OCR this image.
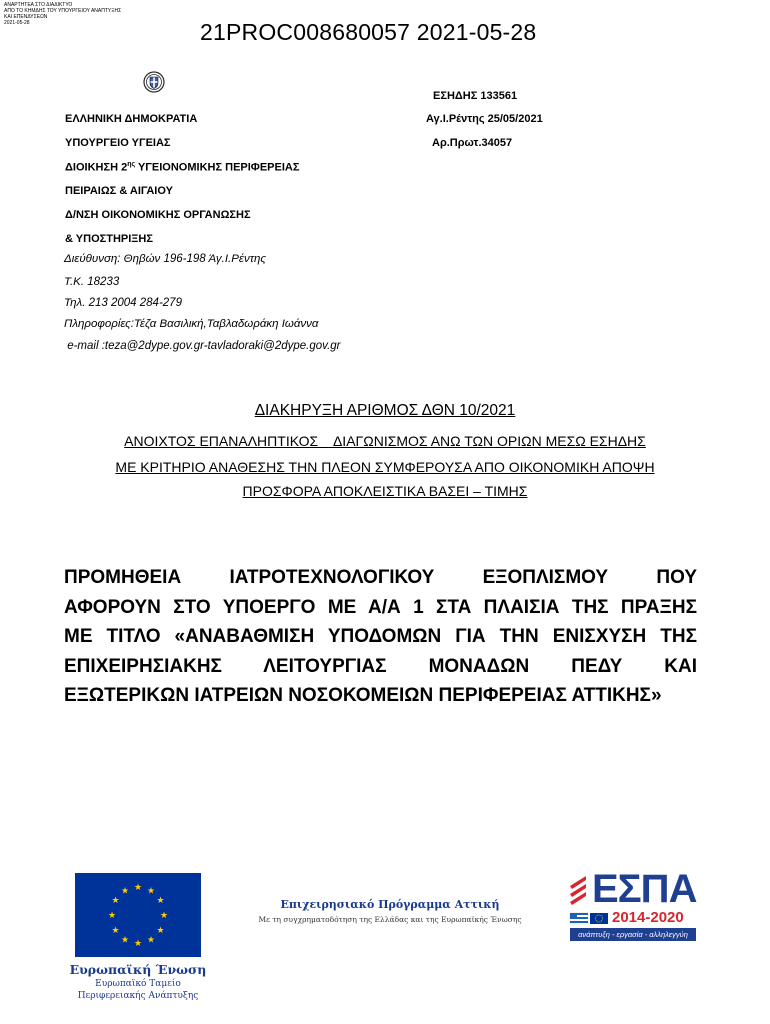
ΑΝΑΡΤΗΤΕΑ ΣΤΟ ΔΙΑΔΙΚΤΥΟ
ΑΠΟ ΤΟ ΚΗΜΔΗΣ ΤΟΥ ΥΠΟΥΡΓΕΙΟΥ ΑΝΑΠΤΥΞΗΣ
ΚΑΙ ΕΠΕΝΔΥΣΕΩΝ
2021-05-28	21PROC008680057 2021-05-28
ΕΛΛΗΝΙΚΗ ΔΗΜΟΚΡΑΤΙΑ
ΥΠΟΥΡΓΕΙΟ ΥΓΕΙΑΣ
ΔΙΟΙΚΗΣΗ $2^{\eta\varsigma}$ ΥΓΕΙΟΝΟΜΙΚΗΣ ΠΕΡΙΦΕΡΕΙΑΣ
ΠΕΙΡΑΙΩΣ & ΑΙΓΑΙΟΥ
Δ/ΝΣΗ ΟΙΚΟΝΟΜΙΚΗΣ ΟΡΓΑΝΩΣΗΣ
& ΥΠΟΣΤΗΡΙΞΗΣ
ΕΣΗΔΗΣ 133561
Αγ.Ι.Ρέντης 25/05/2021
Αρ.Πρωτ.34057
Διεύθυνση: Θηβών 196-198 Άγ.Ι.Ρέντης
Τ.Κ. 18233
Τηλ. 213 2004 284-279
Πληροφορίες:Τέζα Βασιλική,Ταβλαδωράκη Ιωάννα
e-mail :teza@2dype.gov.gr-tavladoraki@2dype.gov.gr
ΔΙΑΚΗΡΥΞΗ ΑΡΙΘΜΟΣ ΔΘΝ 10/2021
ΑΝΟΙΧΤΟΣ ΕΠΑΝΑΛΗΠΤΙΚΟΣ    ΔΙΑΓΩΝΙΣΜΟΣ ΑΝΩ ΤΩΝ ΟΡΙΩΝ ΜΕΣΩ ΕΣΗΔΗΣ
ΜΕ ΚΡΙΤΗΡΙΟ ΑΝΑΘΕΣΗΣ ΤΗΝ ΠΛΕΟΝ ΣΥΜΦΕΡΟΥΣΑ ΑΠΟ ΟΙΚΟΝΟΜΙΚΗ ΑΠΟΨΗ
ΠΡΟΣΦΟΡΑ ΑΠΟΚΛΕΙΣΤΙΚΑ ΒΑΣΕΙ – ΤΙΜΗΣ
ΠΡΟΜΗΘΕΙΑ ΙΑΤΡΟΤΕΧΝΟΛΟΓΙΚΟΥ ΕΞΟΠΛΙΣΜΟΥ ΠΟΥ
ΑΦΟΡΟΥΝ ΣΤΟ ΥΠΟΕΡΓΟ ΜΕ Α/Α 1 ΣΤΑ ΠΛΑΙΣΙΑ ΤΗΣ ΠΡΑΞΗΣ
ΜΕ ΤΙΤΛΟ «ΑΝΑΒΑΘΜΙΣΗ ΥΠΟΔΟΜΩΝ ΓΙΑ ΤΗΝ ΕΝΙΣΧΥΣΗ ΤΗΣ
ΕΠΙΧΕΙΡΗΣΙΑΚΗΣ ΛΕΙΤΟΥΡΓΙΑΣ ΜΟΝΑΔΩΝ ΠΕΔΥ ΚΑΙ
ΕΞΩΤΕΡΙΚΩΝ ΙΑΤΡΕΙΩΝ ΝΟΣΟΚΟΜΕΙΩΝ ΠΕΡΙΦΕΡΕΙΑΣ ΑΤΤΙΚΗΣ»
★ ★
★
★
★
★
★
★
★
★
★
★
Ευρωπαϊκή Ένωση
Ευρωπαϊκό Ταμείο
Περιφερειακής Ανάπτυξης
Επιχειρησιακό Πρόγραμμα Αττική
Με τη συγχρηματοδότηση της Ελλάδας και της Ευρωπαϊκής Ένωσης
ΕΣΠΑ
2014-2020
ανάπτυξη - εργασία - αλληλεγγύη
